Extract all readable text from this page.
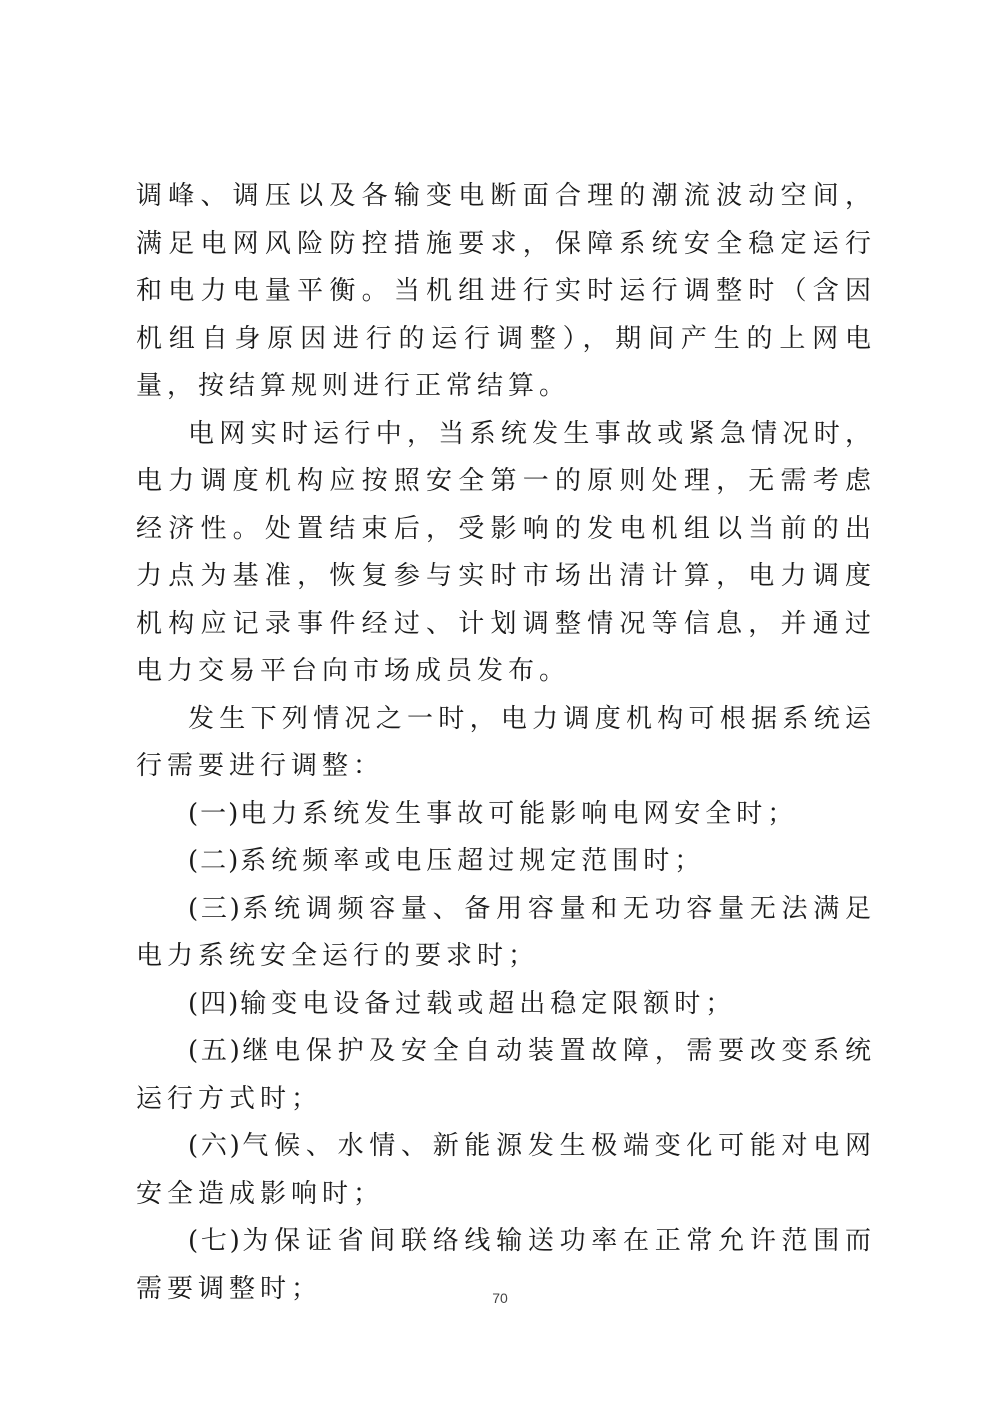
调峰、调压以及各输变电断面合理的潮流波动空间，满足电网风险防控措施要求，保障系统安全稳定运行和电力电量平衡。当机组进行实时运行调整时（含因机组自身原因进行的运行调整），期间产生的上网电量，按结算规则进行正常结算。

电网实时运行中，当系统发生事故或紧急情况时，电力调度机构应按照安全第一的原则处理，无需考虑经济性。处置结束后，受影响的发电机组以当前的出力点为基准，恢复参与实时市场出清计算，电力调度机构应记录事件经过、计划调整情况等信息，并通过电力交易平台向市场成员发布。

发生下列情况之一时，电力调度机构可根据系统运行需要进行调整：

(一)电力系统发生事故可能影响电网安全时；

(二)系统频率或电压超过规定范围时；

(三)系统调频容量、备用容量和无功容量无法满足电力系统安全运行的要求时；

(四)输变电设备过载或超出稳定限额时；

(五)继电保护及安全自动装置故障，需要改变系统运行方式时；

(六)气候、水情、新能源发生极端变化可能对电网安全造成影响时；

(七)为保证省间联络线输送功率在正常允许范围而需要调整时；	70
